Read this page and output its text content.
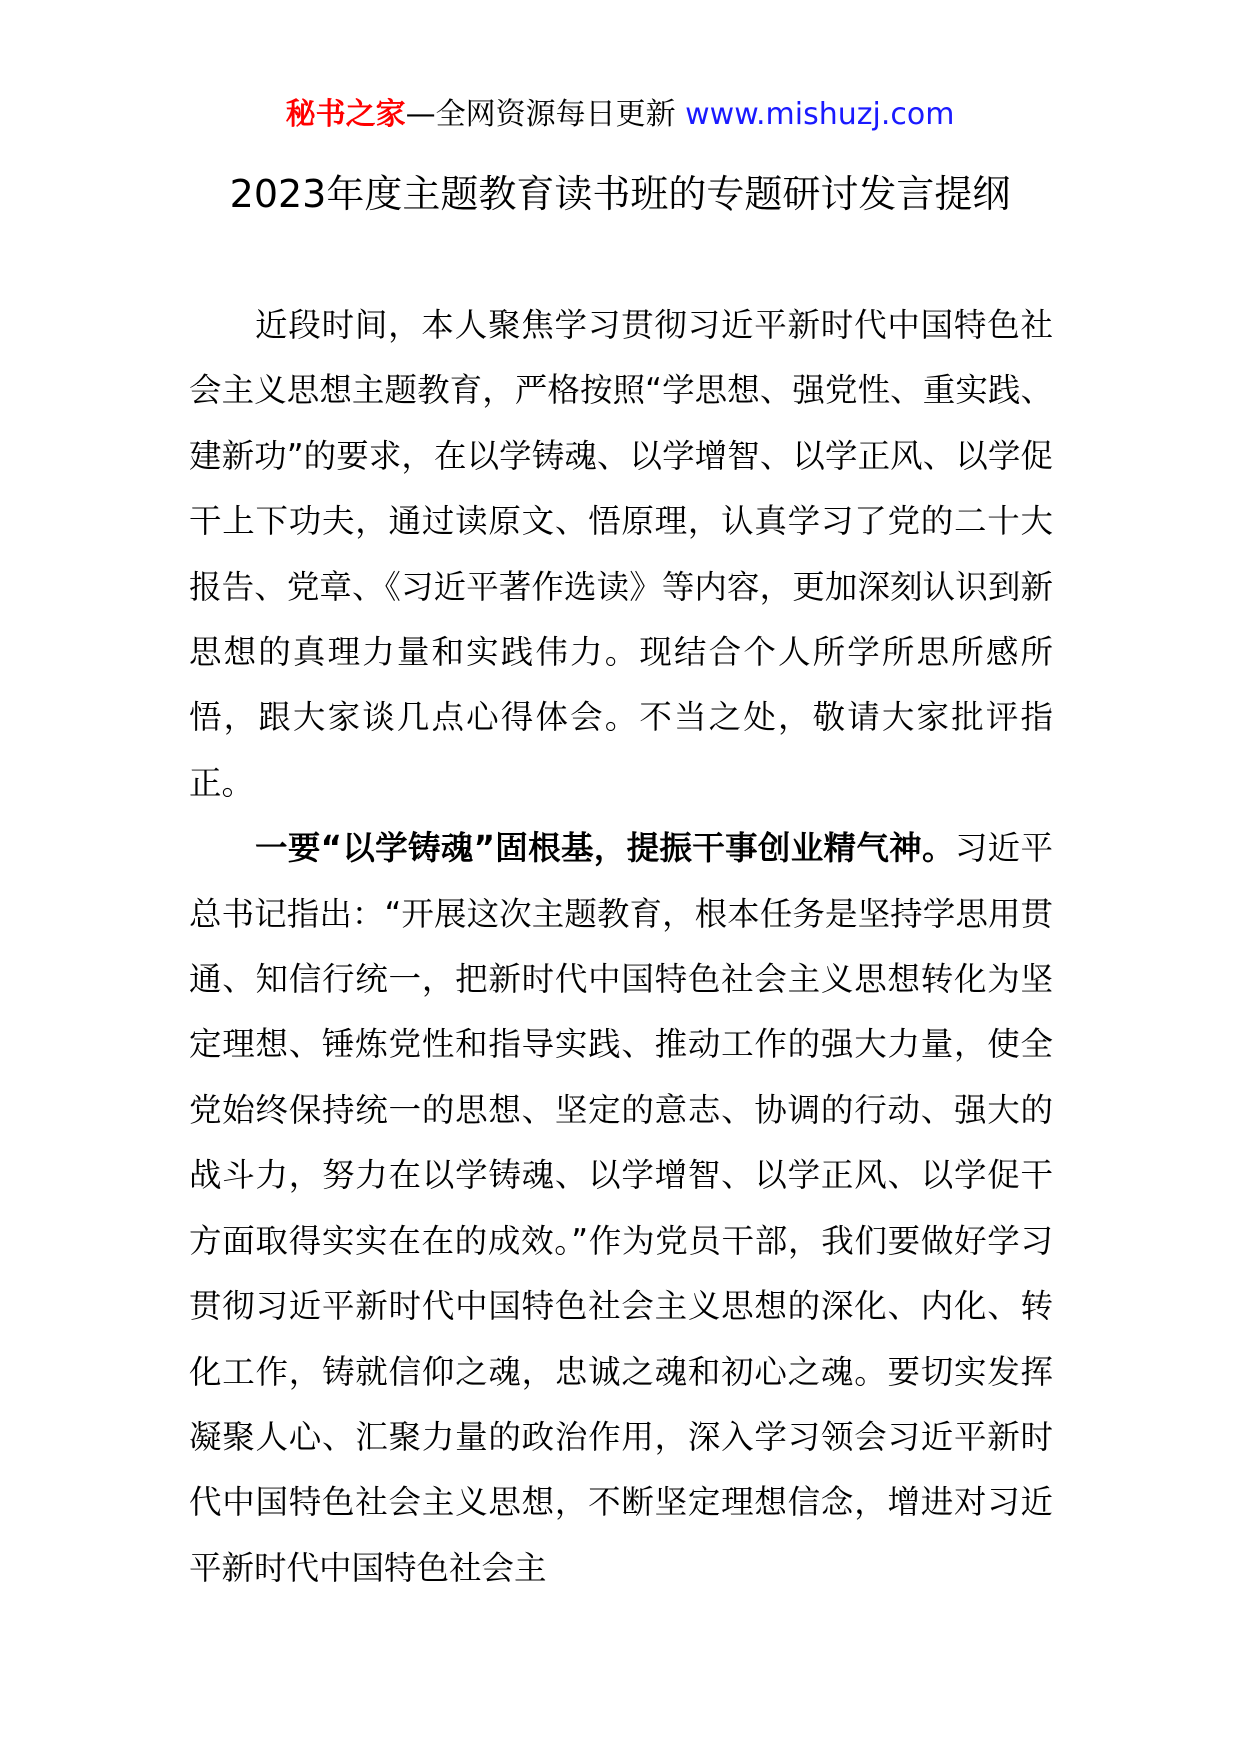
秘书之家—全网资源每日更新 www.mishuzj.com
2023年度主题教育读书班的专题研讨发言提纲

近段时间，本人聚焦学习贯彻习近平新时代中国特色社会主义思想主题教育，严格按照“学思想、强党性、重实践、建新功”的要求，在以学铸魂、以学增智、以学正风、以学促干上下功夫，通过读原文、悟原理，认真学习了党的二十大报告、党章、《习近平著作选读》等内容，更加深刻认识到新思想的真理力量和实践伟力。现结合个人所学所思所感所悟，跟大家谈几点心得体会。不当之处，敬请大家批评指正。

一要“以学铸魂”固根基，提振干事创业精气神。习近平总书记指出：“开展这次主题教育，根本任务是坚持学思用贯通、知信行统一，把新时代中国特色社会主义思想转化为坚定理想、锤炼党性和指导实践、推动工作的强大力量，使全党始终保持统一的思想、坚定的意志、协调的行动、强大的战斗力，努力在以学铸魂、以学增智、以学正风、以学促干方面取得实实在在的成效。”作为党员干部，我们要做好学习贯彻习近平新时代中国特色社会主义思想的深化、内化、转化工作，铸就信仰之魂，忠诚之魂和初心之魂。要切实发挥凝聚人心、汇聚力量的政治作用，深入学习领会习近平新时代中国特色社会主义思想，不断坚定理想信念，增进对习近平新时代中国特色社会主
